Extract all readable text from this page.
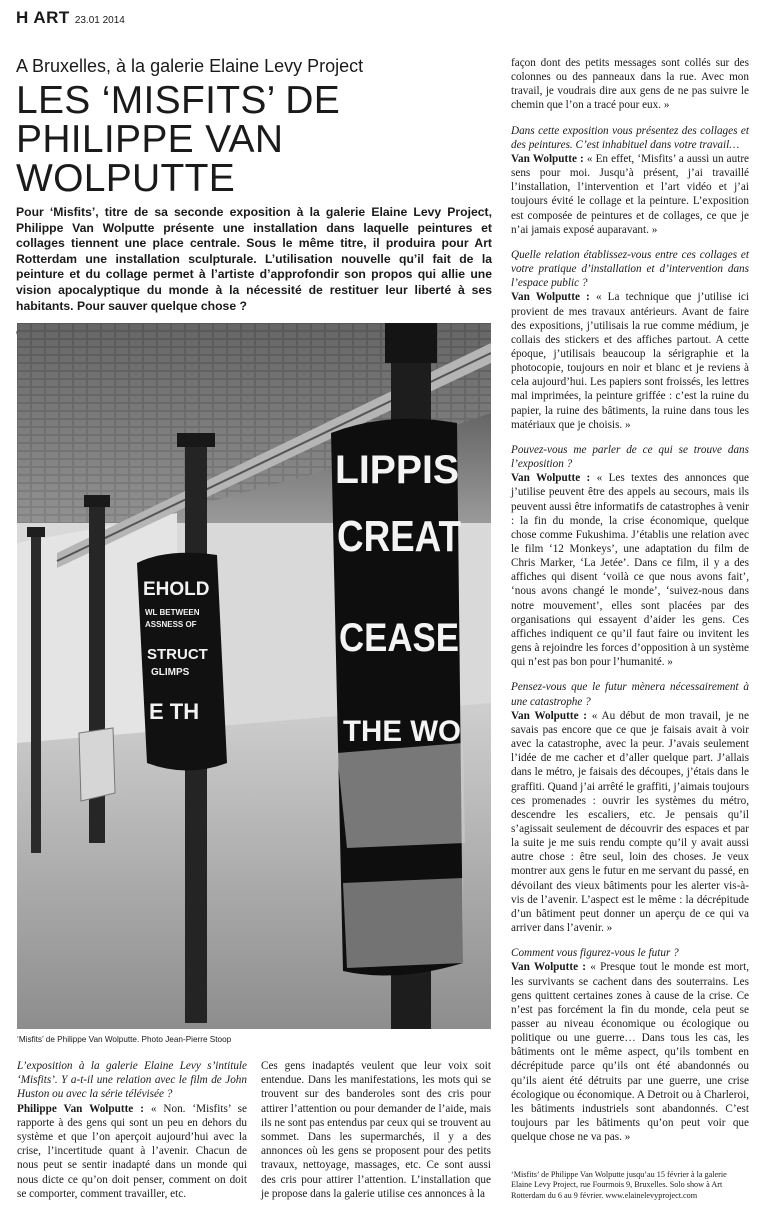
H ART 23.01 2014
A Bruxelles, à la galerie Elaine Levy Project
LES ‘MISFITS’ DE PHILIPPE VAN WOLPUTTE

Pour ‘Misfits’, titre de sa seconde exposition à la galerie Elaine Levy Project, Philippe Van Wolputte présente une installation dans laquelle peintures et collages tiennent une place centrale. Sous le même titre, il produira pour Art Rotterdam une installation sculpturale. L’utilisation nouvelle qu’il fait de la peinture et du collage permet à l’artiste d’approfondir son propos qui allie une vision apocalyptique du monde à la nécessité de restituer leur liberté à ses habitants. Pour sauver quelque chose ?

EHOLD
WL BETWEEN
ASSNESS OF
STRUCT
GLIMPS
E TH
LIPPIS
CREAT
CEASE
THE WO
‘Misfits’ de Philippe Van Wolputte. Photo Jean-Pierre Stoop

L’exposition à la galerie Elaine Levy s’intitule ‘Misfits’. Y a-t-il une relation avec le film de John Huston ou avec la série télévisée ?

Philippe Van Wolputte : « Non. ‘Misfits’ se rapporte à des gens qui sont un peu en dehors du système et que l’on aperçoit aujourd’hui avec la crise, l’incertitude quant à l’avenir. Chacun de nous peut se sentir inadapté dans un monde qui nous dicte ce qu’on doit penser, comment on doit se comporter, comment travailler, etc.

Ces gens inadaptés veulent que leur voix soit entendue. Dans les manifestations, les mots qui se trouvent sur des banderoles sont des cris pour attirer l’attention ou pour demander de l’aide, mais ils ne sont pas entendus par ceux qui se trouvent au sommet. Dans les supermarchés, il y a des annonces où les gens se proposent pour des petits travaux, nettoyage, massages, etc. Ce sont aussi des cris pour attirer l’attention. L’installation que je propose dans la galerie utilise ces annonces à la

façon dont des petits messages sont collés sur des colonnes ou des panneaux dans la rue. Avec mon travail, je voudrais dire aux gens de ne pas suivre le chemin que l’on a tracé pour eux. »

Dans cette exposition vous présentez des collages et des peintures. C’est inhabituel dans votre travail…

Van Wolputte : « En effet, ‘Misfits’ a aussi un autre sens pour moi. Jusqu’à présent, j’ai travaillé l’installation, l’intervention et l’art vidéo et j’ai toujours évité le collage et la peinture. L’exposition est composée de peintures et de collages, ce que je n’ai jamais exposé auparavant. »

Quelle relation établissez-vous entre ces collages et votre pratique d’installation et d’intervention dans l’espace public ?

Van Wolputte : « La technique que j’utilise ici provient de mes travaux antérieurs. Avant de faire des expositions, j’utilisais la rue comme médium, je collais des stickers et des affiches partout. A cette époque, j’utilisais beaucoup la sérigraphie et la photocopie, toujours en noir et blanc et je reviens à cela aujourd’hui. Les papiers sont froissés, les lettres mal imprimées, la peinture griffée : c’est la ruine du papier, la ruine des bâtiments, la ruine dans tous les matériaux que je choisis. »

Pouvez-vous me parler de ce qui se trouve dans l’exposition ?

Van Wolputte : « Les textes des annonces que j’utilise peuvent être des appels au secours, mais ils peuvent aussi être informatifs de catastrophes à venir : la fin du monde, la crise économique, quelque chose comme Fukushima. J’établis une relation avec le film ‘12 Monkeys’, une adaptation du film de Chris Marker, ‘La Jetée’. Dans ce film, il y a des affiches qui disent ‘voilà ce que nous avons fait’, ‘nous avons changé le monde’, ‘suivez-nous dans notre mouvement’, elles sont placées par des organisations qui essayent d’aider les gens. Ces affiches indiquent ce qu’il faut faire ou invitent les gens à rejoindre les forces d’opposition à un système qui n’est pas bon pour l’humanité. »

Pensez-vous que le futur mènera nécessairement à une catastrophe ?

Van Wolputte : « Au début de mon travail, je ne savais pas encore que ce que je faisais avait à voir avec la catastrophe, avec la peur. J’avais seulement l’idée de me cacher et d’aller quelque part. J’allais dans le métro, je faisais des découpes, j’étais dans le graffiti. Quand j’ai arrêté le graffiti, j’aimais toujours ces promenades : ouvrir les systèmes du métro, descendre les escaliers, etc. Je pensais qu’il s’agissait seulement de découvrir des espaces et par la suite je me suis rendu compte qu’il y avait aussi autre chose : être seul, loin des choses. Je veux montrer aux gens le futur en me servant du passé, en dévoilant des vieux bâtiments pour les alerter vis-à-vis de l’avenir. L’aspect est le même : la décrépitude d’un bâtiment peut donner un aperçu de ce qui va arriver dans l’avenir. »

Comment vous figurez-vous le futur ?

Van Wolputte : « Presque tout le monde est mort, les survivants se cachent dans des souterrains. Les gens quittent certaines zones à cause de la crise. Ce n’est pas forcément la fin du monde, cela peut se passer au niveau économique ou écologique ou politique ou une guerre… Dans tous les cas, les bâtiments ont le même aspect, qu’ils tombent en décrépitude parce qu’ils ont été abandonnés ou qu’ils aient été détruits par une guerre, une crise écologique ou économique. A Detroit ou à Charleroi, les bâtiments industriels sont abandonnés. C’est toujours par les bâtiments qu’on peut voir que quelque chose ne va pas. »

‘Misfits’ de Philippe Van Wolputte jusqu’au 15 février à la galerie Elaine Levy Project, rue Fourmois 9, Bruxelles. Solo show à Art Rotterdam du 6 au 9 février. www.elainelevyproject.com
